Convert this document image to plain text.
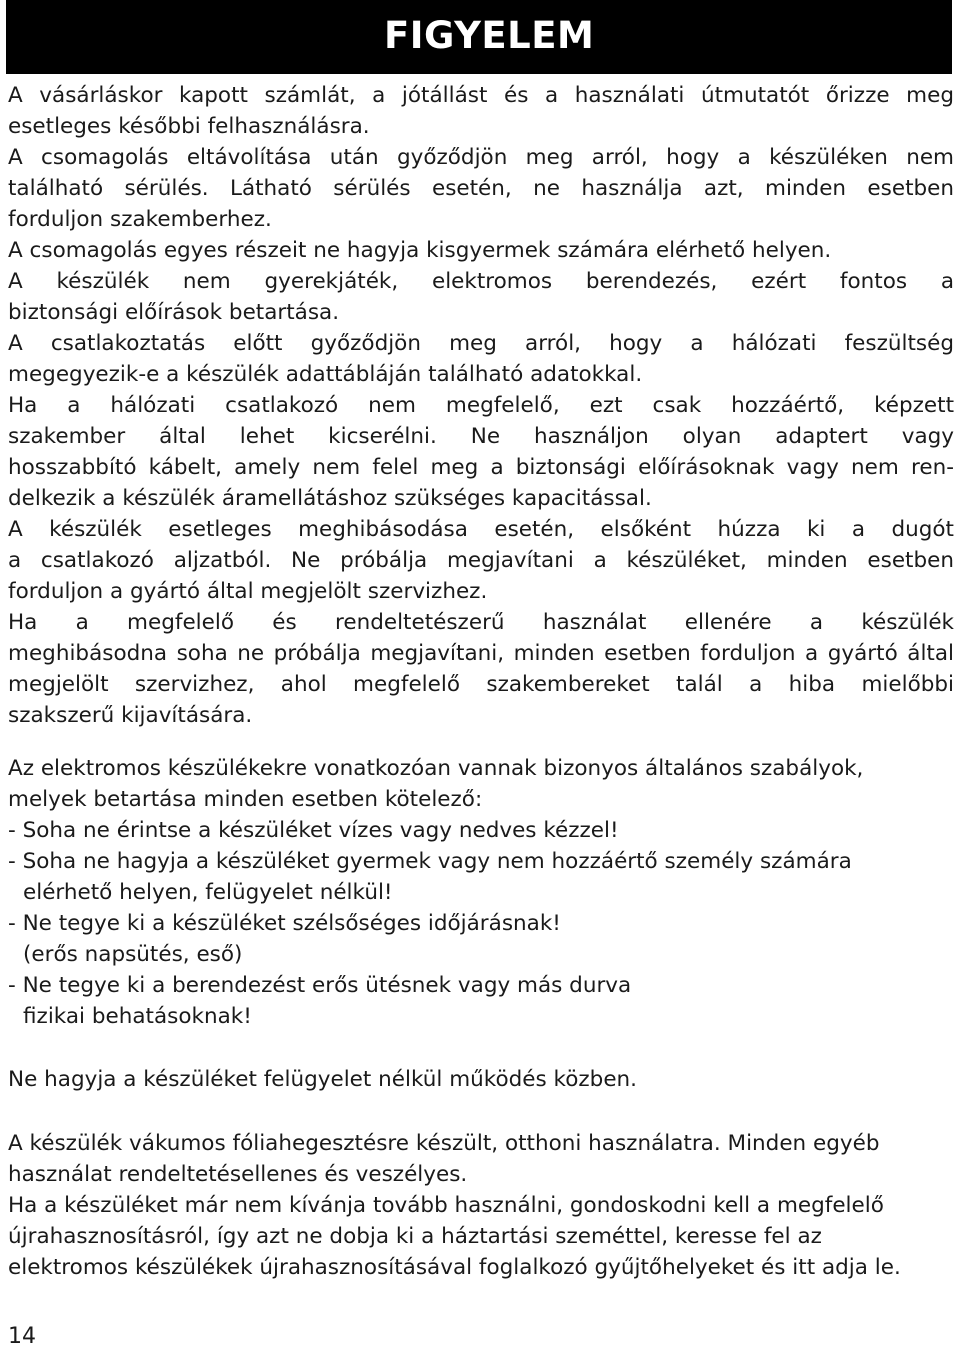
FIGYELEM

A vásárláskor kapott számlát, a jótállást és a használati útmutatót őrizze meg

esetleges későbbi felhasználásra.

A csomagolás eltávolítása után győződjön meg arról, hogy a készüléken nem

található sérülés. Látható sérülés esetén, ne használja azt, minden esetben

forduljon szakemberhez.

A csomagolás egyes részeit ne hagyja kisgyermek számára elérhető helyen.

A készülék nem gyerekjáték, elektromos berendezés, ezért fontos a

biztonsági előírások betartása.

A csatlakoztatás előtt győződjön meg arról, hogy a hálózati feszültség

megegyezik-e a készülék adattábláján található adatokkal.

Ha a hálózati csatlakozó nem megfelelő, ezt csak hozzáértő, képzett

szakember által lehet kicserélni. Ne használjon olyan adaptert vagy

hosszabbító kábelt, amely nem felel meg a biztonsági előírásoknak vagy nem ren-

delkezik a készülék áramellátáshoz szükséges kapacitással.

A készülék esetleges meghibásodása esetén, elsőként húzza ki a dugót

a csatlakozó aljzatból. Ne próbálja megjavítani a készüléket, minden esetben

forduljon a gyártó által megjelölt szervizhez.

Ha a megfelelő és rendeltetészerű használat ellenére a készülék

meghibásodna soha ne próbálja megjavítani, minden esetben forduljon a gyártó által

megjelölt szervizhez, ahol megfelelő szakembereket talál a hiba mielőbbi

szakszerű kijavítására.

Az elektromos készülékekre vonatkozóan vannak bizonyos általános szabályok,

melyek betartása minden esetben kötelező:

- Soha ne érintse a készüléket vízes vagy nedves kézzel!

- Soha ne hagyja a készüléket gyermek vagy nem hozzáértő személy számára

elérhető helyen, felügyelet nélkül!

- Ne tegye ki a készüléket szélsőséges időjárásnak!

(erős napsütés, eső)

- Ne tegye ki a berendezést erős ütésnek vagy más durva

fizikai behatásoknak!

Ne hagyja a készüléket felügyelet nélkül működés közben.

A készülék vákumos fóliahegesztésre készült, otthoni használatra. Minden egyéb

használat rendeltetésellenes és veszélyes.

Ha a készüléket már nem kívánja tovább használni, gondoskodni kell a megfelelő

újrahasznosításról, így azt ne dobja ki a háztartási szeméttel, keresse fel az

elektromos készülékek újrahasznosításával foglalkozó gyűjtőhelyeket és itt adja le.

14
